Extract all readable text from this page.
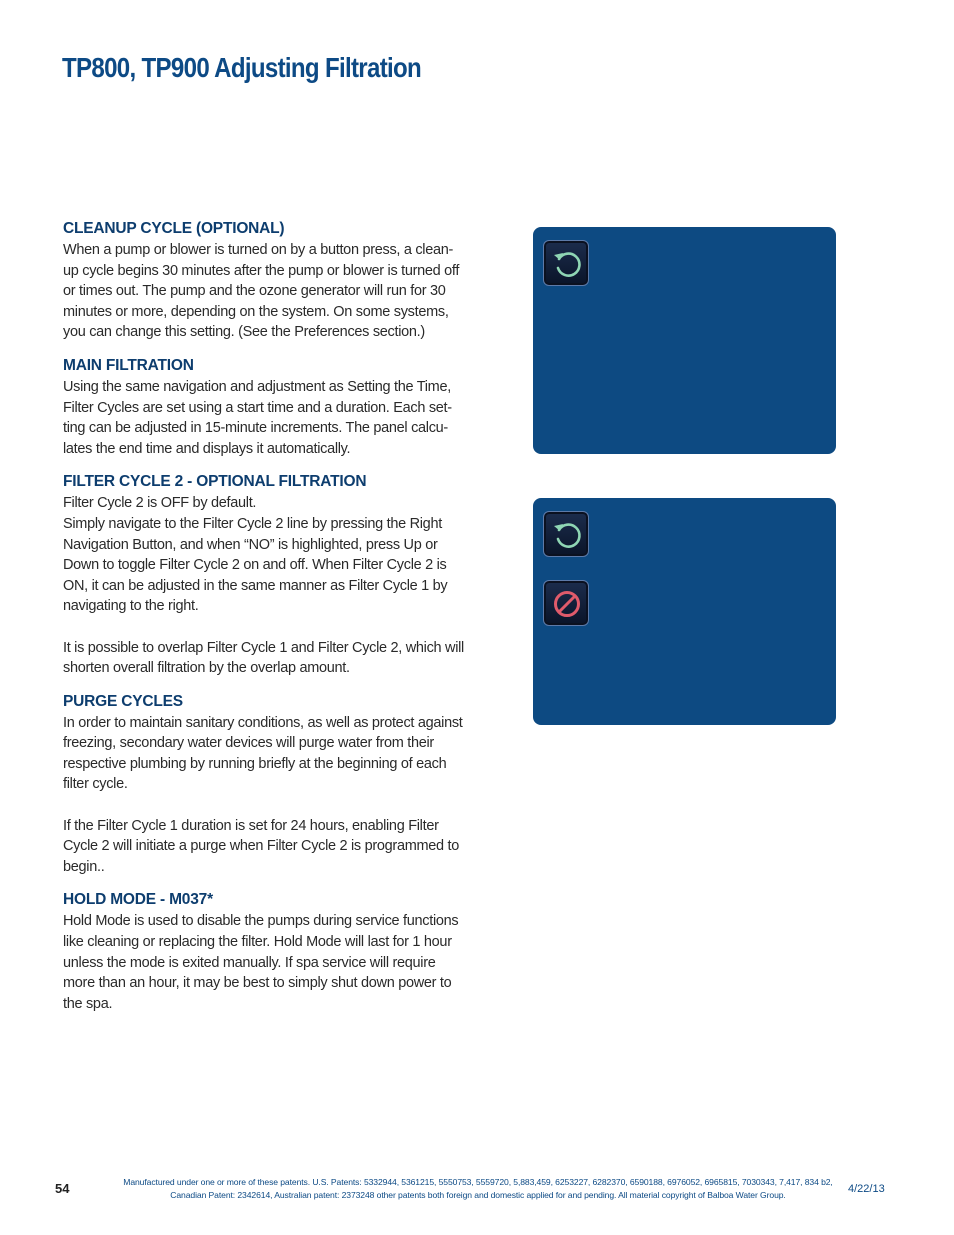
TP800, TP900 Adjusting Filtration
CLEANUP CYCLE (OPTIONAL)

When a pump or blower is turned on by a button press, a clean-up cycle begins 30 minutes after the pump or blower is turned off or times out. The pump and the ozone generator will run for 30 minutes or more, depending on the system. On some systems, you can change this setting. (See the Preferences section.)

MAIN FILTRATION

Using the same navigation and adjustment as Setting the Time, Filter Cycles are set using a start time and a duration. Each set-ting can be adjusted in 15-minute increments. The panel calcu-lates the end time and displays it automatically.

FILTER CYCLE 2 - OPTIONAL FILTRATION

Filter Cycle 2 is OFF by default.

Simply navigate to the Filter Cycle 2 line by pressing the Right Navigation Button, and when “NO” is highlighted, press Up or Down to toggle Filter Cycle 2 on and off. When Filter Cycle 2 is ON, it can be adjusted in the same manner as Filter Cycle 1 by navigating to the right.

It is possible to overlap Filter Cycle 1 and Filter Cycle 2, which will shorten overall filtration by the overlap amount.

PURGE CYCLES

In order to maintain sanitary conditions, as well as protect against freezing, secondary water devices will purge water from their respective plumbing by running briefly at the beginning of each filter cycle.

If the Filter Cycle 1 duration is set for 24 hours, enabling Filter Cycle 2 will initiate a purge when Filter Cycle 2 is programmed to begin..

HOLD MODE - M037*

Hold Mode is used to disable the pumps during service functions like cleaning or replacing the filter. Hold Mode will last for 1 hour unless the mode is exited manually. If spa service will require more than an hour, it may be best to simply shut down power to the spa.

54	Manufactured under one or more of these patents. U.S. Patents: 5332944, 5361215, 5550753, 5559720, 5,883,459, 6253227, 6282370, 6590188, 6976052, 6965815, 7030343, 7,417, 834 b2,
Canadian Patent: 2342614, Australian patent: 2373248 other patents both foreign and domestic applied for and pending. All material copyright of Balboa Water Group.	4/22/13
